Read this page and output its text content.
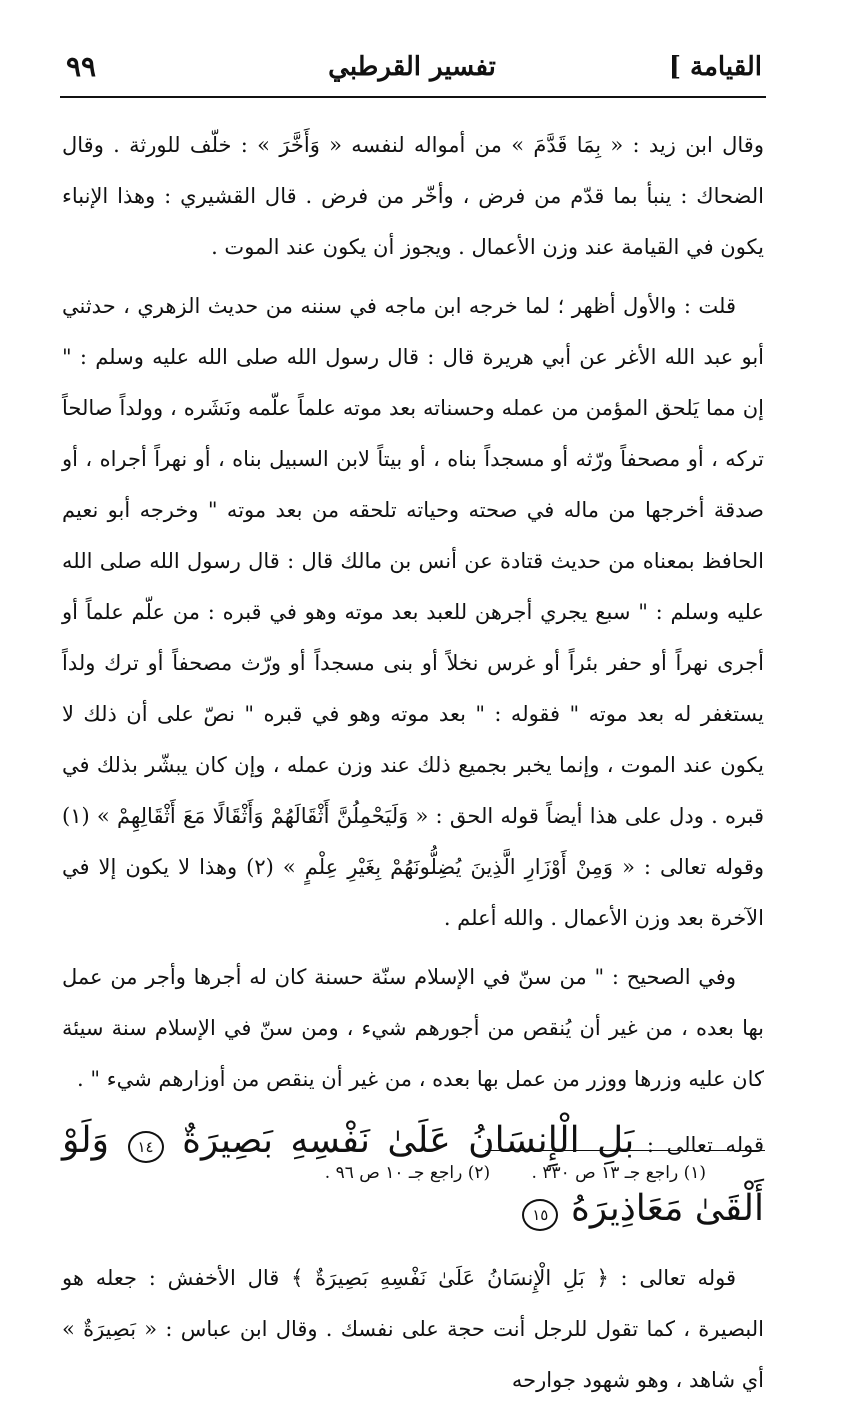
القيامة ]
تفسير القرطبي
٩٩

وقال ابن زيد : « بِمَا قَدَّمَ » من أمواله لنفسه « وَأَخَّرَ » : خلّف للورثة . وقال الضحاك : ينبأ بما قدّم من فرض ، وأخّر من فرض . قال القشيري : وهذا الإنباء يكون في القيامة عند وزن الأعمال . ويجوز أن يكون عند الموت .

قلت : والأول أظهر ؛ لما خرجه ابن ماجه في سننه من حديث الزهري ، حدثني أبو عبد الله الأغر عن أبي هريرة قال : قال رسول الله صلى الله عليه وسلم : " إن مما يَلحق المؤمن من عمله وحسناته بعد موته علماً علّمه ونَشَره ، وولداً صالحاً تركه ، أو مصحفاً ورّثه أو مسجداً بناه ، أو بيتاً لابن السبيل بناه ، أو نهراً أجراه ، أو صدقة أخرجها من ماله في صحته وحياته تلحقه من بعد موته " وخرجه أبو نعيم الحافظ بمعناه من حديث قتادة عن أنس بن مالك قال : قال رسول الله صلى الله عليه وسلم : " سبع يجري أجرهن للعبد بعد موته وهو في قبره : من علّم علماً أو أجرى نهراً أو حفر بئراً أو غرس نخلاً أو بنى مسجداً أو ورّث مصحفاً أو ترك ولداً يستغفر له بعد موته " فقوله : " بعد موته وهو في قبره " نصّ على أن ذلك لا يكون عند الموت ، وإنما يخبر بجميع ذلك عند وزن عمله ، وإن كان يبشّر بذلك في قبره . ودل على هذا أيضاً قوله الحق : « وَلَيَحْمِلُنَّ أَثْقَالَهُمْ وَأَثْقَالًا مَعَ أَثْقَالِهِمْ » (١) وقوله تعالى : « وَمِنْ أَوْزَارِ الَّذِينَ يُضِلُّونَهُمْ بِغَيْرِ عِلْمٍ » (٢) وهذا لا يكون إلا في الآخرة بعد وزن الأعمال . والله أعلم .

وفي الصحيح : " من سنّ في الإسلام سنّة حسنة كان له أجرها وأجر من عمل بها بعده ، من غير أن يُنقص من أجورهم شيء ، ومن سنّ في الإسلام سنة سيئة كان عليه وزرها ووزر من عمل بها بعده ، من غير أن ينقص من أوزارهم شيء " .

قوله تعالى : بَلِ الْإِنسَانُ عَلَىٰ نَفْسِهِ بَصِيرَةٌ ١٤ وَلَوْ أَلْقَىٰ مَعَاذِيرَهُ ١٥

قوله تعالى : ﴿ بَلِ الْإِنسَانُ عَلَىٰ نَفْسِهِ بَصِيرَةٌ ﴾ قال الأخفش : جعله هو البصيرة ، كما تقول للرجل أنت حجة على نفسك . وقال ابن عباس : « بَصِيرَةٌ » أي شاهد ، وهو شهود جوارحه

(١) راجع جـ ١٣ ص ٣٣٠ . (٢) راجع جـ ١٠ ص ٩٦ .
